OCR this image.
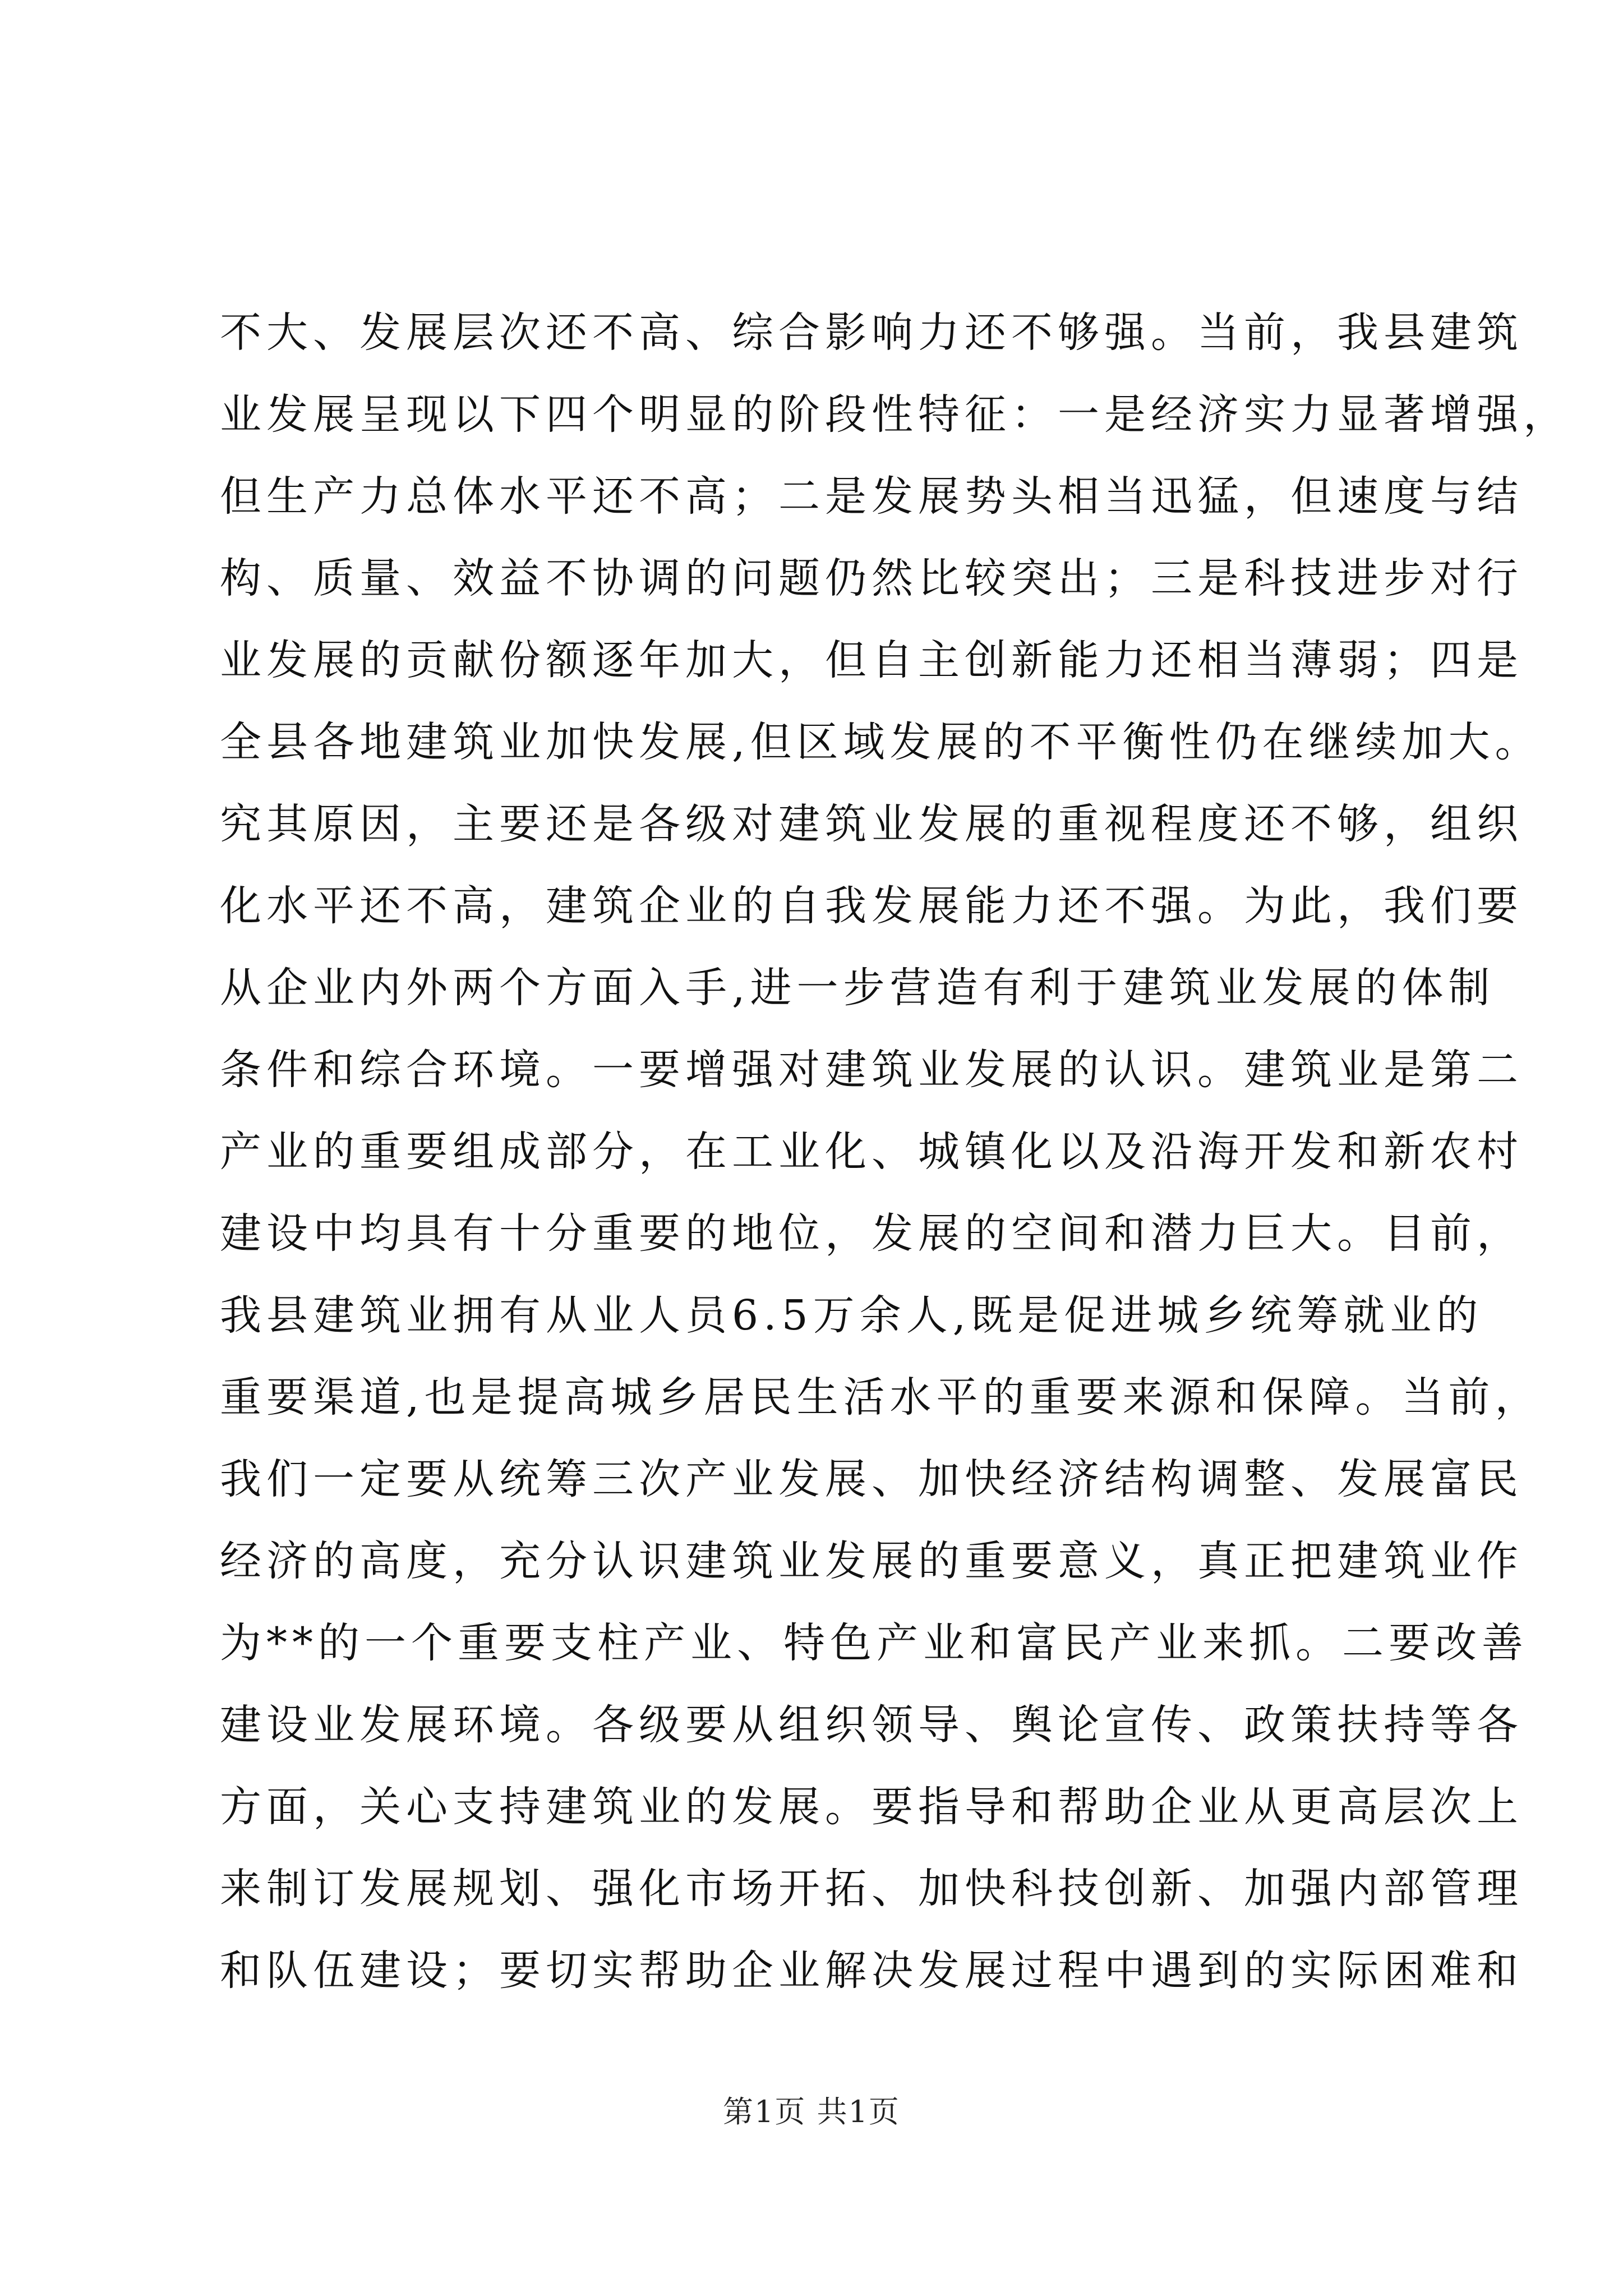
不大、发展层次还不高、综合影响力还不够强。当前，我县建筑
业发展呈现以下四个明显的阶段性特征：一是经济实力显著增强，
但生产力总体水平还不高；二是发展势头相当迅猛，但速度与结
构、质量、效益不协调的问题仍然比较突出；三是科技进步对行
业发展的贡献份额逐年加大，但自主创新能力还相当薄弱；四是
全县各地建筑业加快发展,但区域发展的不平衡性仍在继续加大。
究其原因，主要还是各级对建筑业发展的重视程度还不够，组织
化水平还不高，建筑企业的自我发展能力还不强。为此，我们要
从企业内外两个方面入手,进一步营造有利于建筑业发展的体制
条件和综合环境。一要增强对建筑业发展的认识。建筑业是第二
产业的重要组成部分，在工业化、城镇化以及沿海开发和新农村
建设中均具有十分重要的地位，发展的空间和潜力巨大。目前，
我县建筑业拥有从业人员6.5万余人,既是促进城乡统筹就业的
重要渠道,也是提高城乡居民生活水平的重要来源和保障。当前，
我们一定要从统筹三次产业发展、加快经济结构调整、发展富民
经济的高度，充分认识建筑业发展的重要意义，真正把建筑业作
为**的一个重要支柱产业、特色产业和富民产业来抓。二要改善
建设业发展环境。各级要从组织领导、舆论宣传、政策扶持等各
方面，关心支持建筑业的发展。要指导和帮助企业从更高层次上
来制订发展规划、强化市场开拓、加快科技创新、加强内部管理
和队伍建设；要切实帮助企业解决发展过程中遇到的实际困难和
第1页 共1页
